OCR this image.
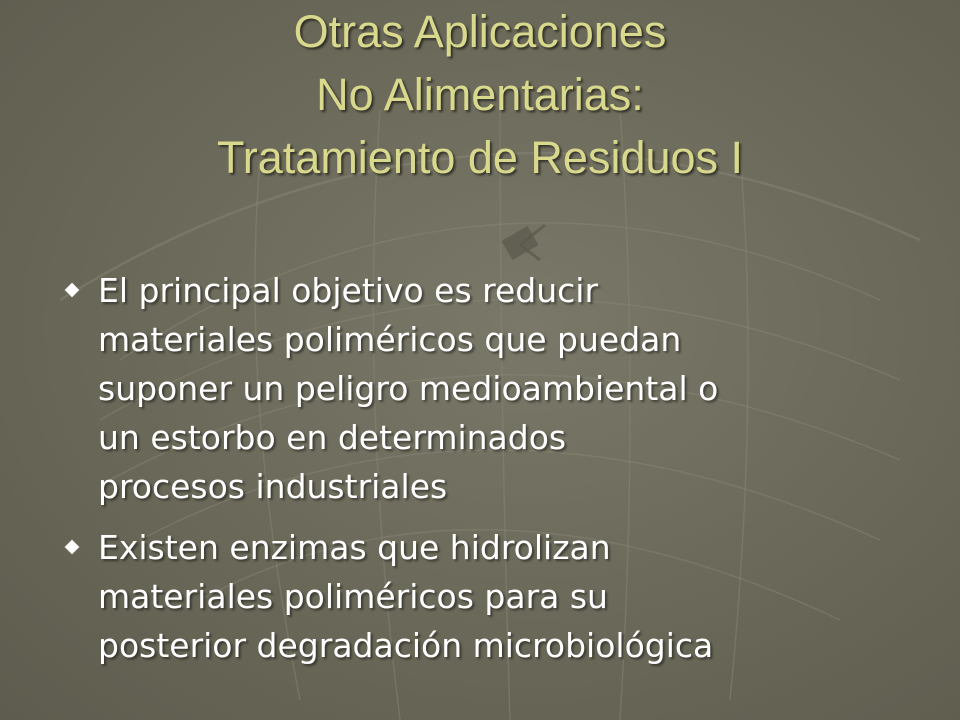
Otras Aplicaciones
No Alimentarias:
Tratamiento de Residuos I
El principal objetivo es reducir
materiales poliméricos que puedan
suponer un peligro medioambiental o
un estorbo en determinados
procesos industriales
Existen enzimas que hidrolizan
materiales poliméricos para su
posterior degradación microbiológica
